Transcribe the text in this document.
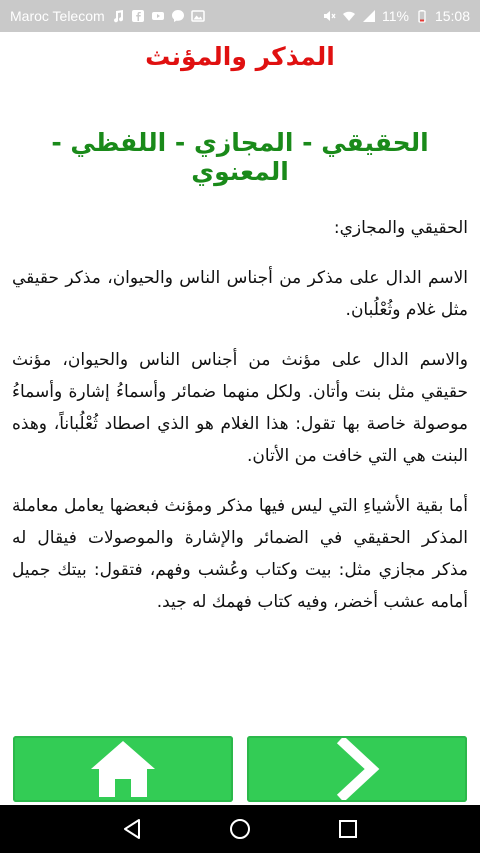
Maroc Telecom	11% 15:08
المذكر والمؤنث
الحقيقي - المجازي - اللفظي - المعنوي

الحقيقي والمجازي:

الاسم الدال على مذكر من أجناس الناس والحيوان، مذكر حقيقي مثل غلام وثُعْلُبان.

والاسم الدال على مؤنث من أجناس الناس والحيوان، مؤنث حقيقي مثل بنت وأتان. ولكل منهما ضمائر وأسماءُ إشارة وأسماءُ موصولة خاصة بها تقول: هذا الغلام هو الذي اصطاد ثُعْلُباناً، وهذه البنت هي التي خافت من الأتان.

أما بقية الأشياءِ التي ليس فيها مذكر ومؤنث فبعضها يعامل معاملة المذكر الحقيقي في الضمائر والإشارة والموصولات فيقال له مذكر مجازي مثل: بيت وكتاب وعُشب وفهم، فتقول: بيتك جميل أمامه عشب أخضر، وفيه كتاب فهمك له جيد.
